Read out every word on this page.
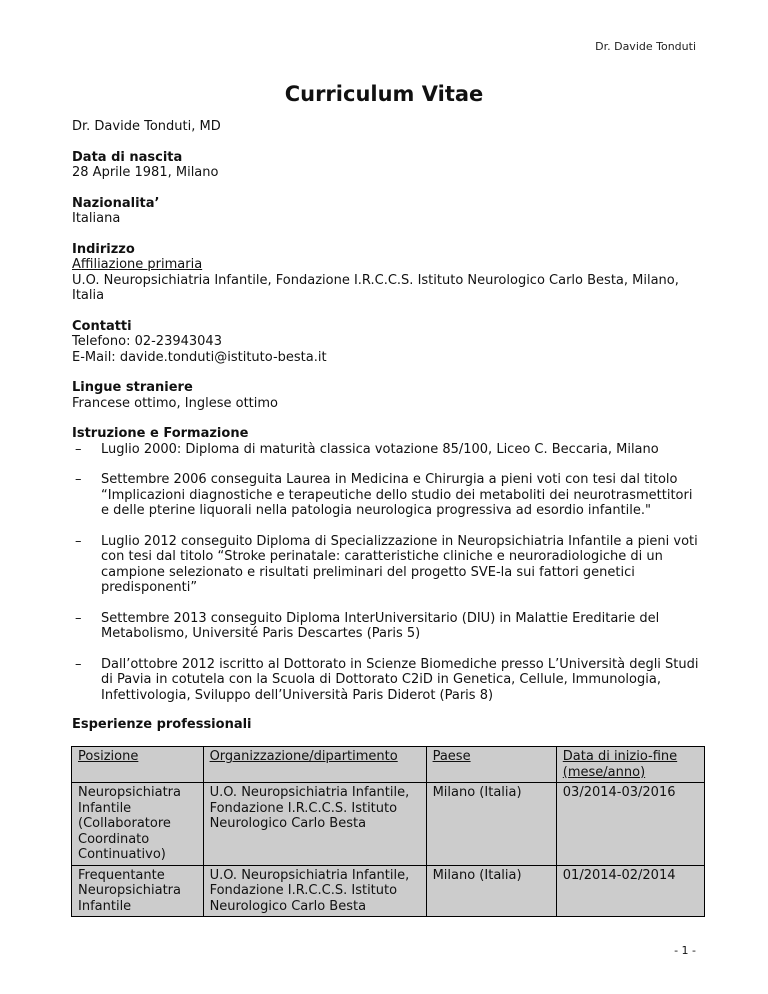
Dr. Davide Tonduti
Curriculum Vitae

Dr. Davide Tonduti, MD

Data di nascita

28 Aprile 1981, Milano

Nazionalita’

Italiana

Indirizzo

Affiliazione primaria

U.O. Neuropsichiatria Infantile, Fondazione I.R.C.C.S. Istituto Neurologico Carlo Besta, Milano, Italia

Contatti

Telefono: 02-23943043

E-Mail: davide.tonduti@istituto-besta.it

Lingue straniere

Francese ottimo, Inglese ottimo

Istruzione e Formazione

– Luglio 2000: Diploma di maturità classica votazione 85/100, Liceo C. Beccaria, Milano
– Settembre 2006 conseguita Laurea in Medicina e Chirurgia a pieni voti con tesi dal titolo “Implicazioni diagnostiche e terapeutiche dello studio dei metaboliti dei neurotrasmettitori e delle pterine liquorali nella patologia neurologica progressiva ad esordio infantile."
– Luglio 2012 conseguito Diploma di Specializzazione in Neuropsichiatria Infantile a pieni voti con tesi dal titolo “Stroke perinatale: caratteristiche cliniche e neuroradiologiche di un campione selezionato e risultati preliminari del progetto SVE-la sui fattori genetici predisponenti”
– Settembre 2013 conseguito Diploma InterUniversitario (DIU) in Malattie Ereditarie del Metabolismo, Université Paris Descartes (Paris 5)
– Dall’ottobre 2012 iscritto al Dottorato in Scienze Biomediche presso L’Università degli Studi di Pavia in cotutela con la Scuola di Dottorato C2iD in Genetica, Cellule, Immunologia, Infettivologia, Sviluppo dell’Università Paris Diderot (Paris 8)
Esperienze professionali
Posizione	Organizzazione/dipartimento	Paese	Data di inizio-fine (mese/anno)
Neuropsichiatra Infantile (Collaboratore Coordinato Continuativo)	U.O. Neuropsichiatria Infantile, Fondazione I.R.C.C.S. Istituto Neurologico Carlo Besta	Milano (Italia)	03/2014-03/2016
Frequentante Neuropsichiatra Infantile	U.O. Neuropsichiatria Infantile, Fondazione I.R.C.C.S. Istituto Neurologico Carlo Besta	Milano (Italia)	01/2014-02/2014
- 1 -
